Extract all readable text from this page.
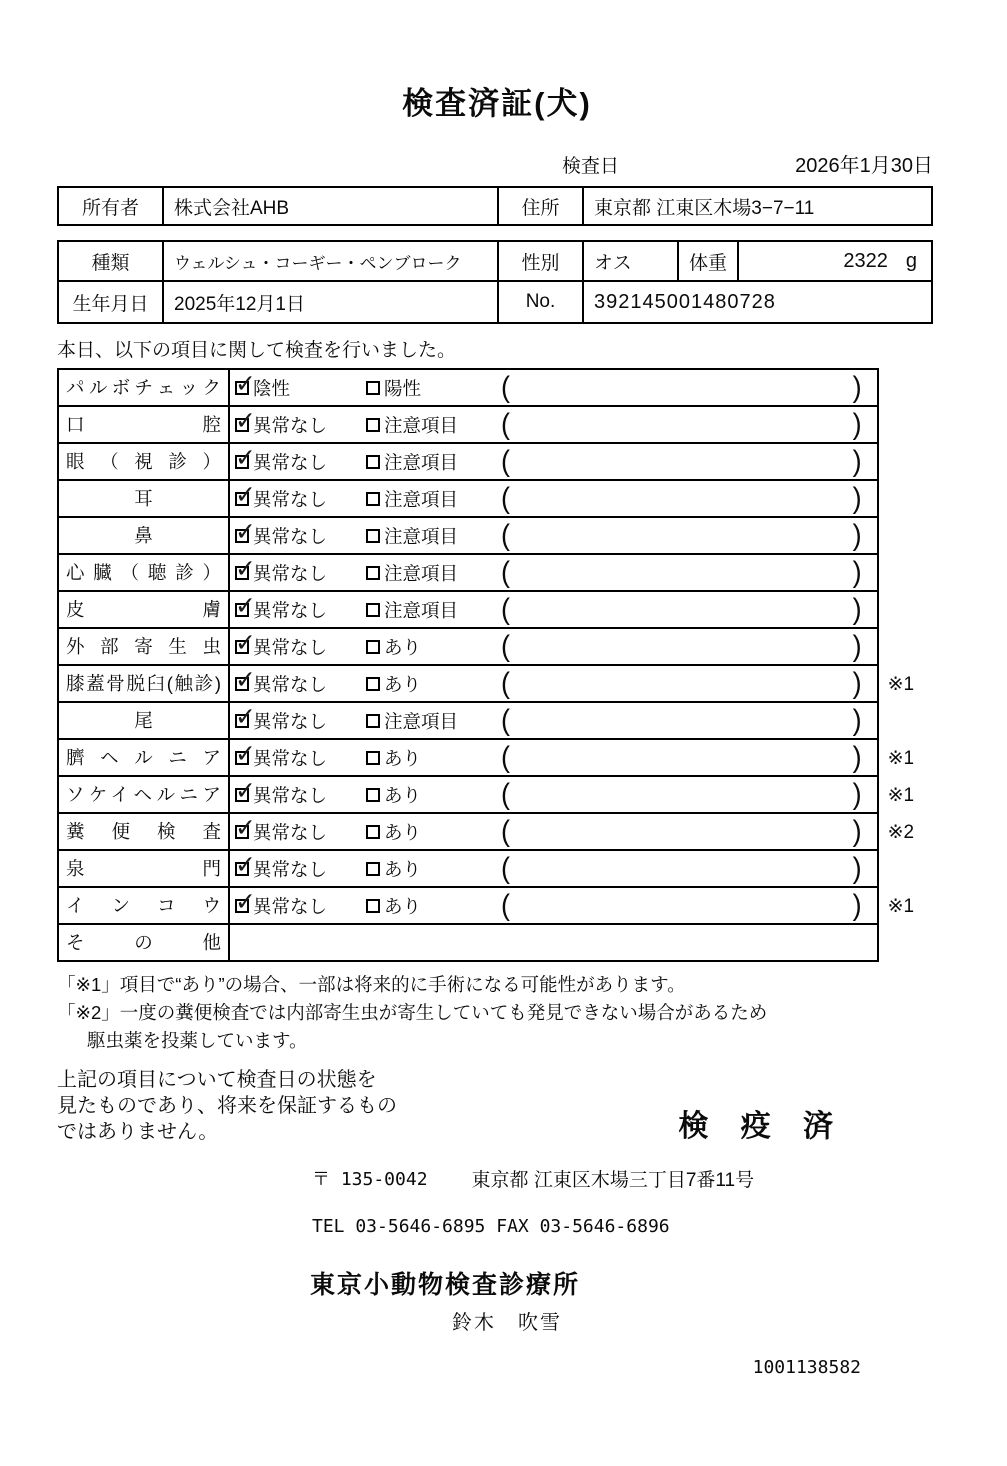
検査済証(犬)
検査日	2026年1月30日
所有者	株式会社AHB	住所	東京都 江東区木場3−7−11
種類	ウェルシュ・コーギー・ペンブローク	性別	オス	体重	2322 g
生年月日	2025年12月1日	No.	392145001480728
本日、以下の項目に関して検査を行いました。
パルボチェック ✓	陰性	陽性	(	)
口腔 ✓	異常なし	注意項目 (	)
眼（視診） ✓	異常なし	注意項目 (	)
耳 ✓	異常なし	注意項目 (	)
鼻 ✓	異常なし	注意項目 (	)
心臓（聴診） ✓	異常なし	注意項目 (	)
皮膚 ✓	異常なし	注意項目 (	)
外部寄生虫 ✓	異常なし	あり	(	)
膝蓋骨脱臼(触診) ✓	異常なし	あり	(	)	※1
尾 ✓	異常なし	注意項目 (	)
臍ヘルニア ✓	異常なし	あり	(	)	※1
ソケイヘルニア ✓	異常なし	あり	(	)	※1
糞便検査 ✓	異常なし	あり	(	)	※2
泉門 ✓	異常なし	あり	(	)
インコウ ✓	異常なし	あり	(	)	※1
その他
「※1」項目で“あり”の場合、一部は将来的に手術になる可能性があります。
「※2」一度の糞便検査では内部寄生虫が寄生していても発見できない場合があるため
駆虫薬を投薬しています。
上記の項目について検査日の状態を
見たものであり、将来を保証するもの
ではありません。	検 疫 済
〒 135-0042 東京都 江東区木場三丁目7番11号
TEL 03-5646-6895 FAX 03-5646-6896
東京小動物検査診療所
鈴木　吹雪
1001138582
